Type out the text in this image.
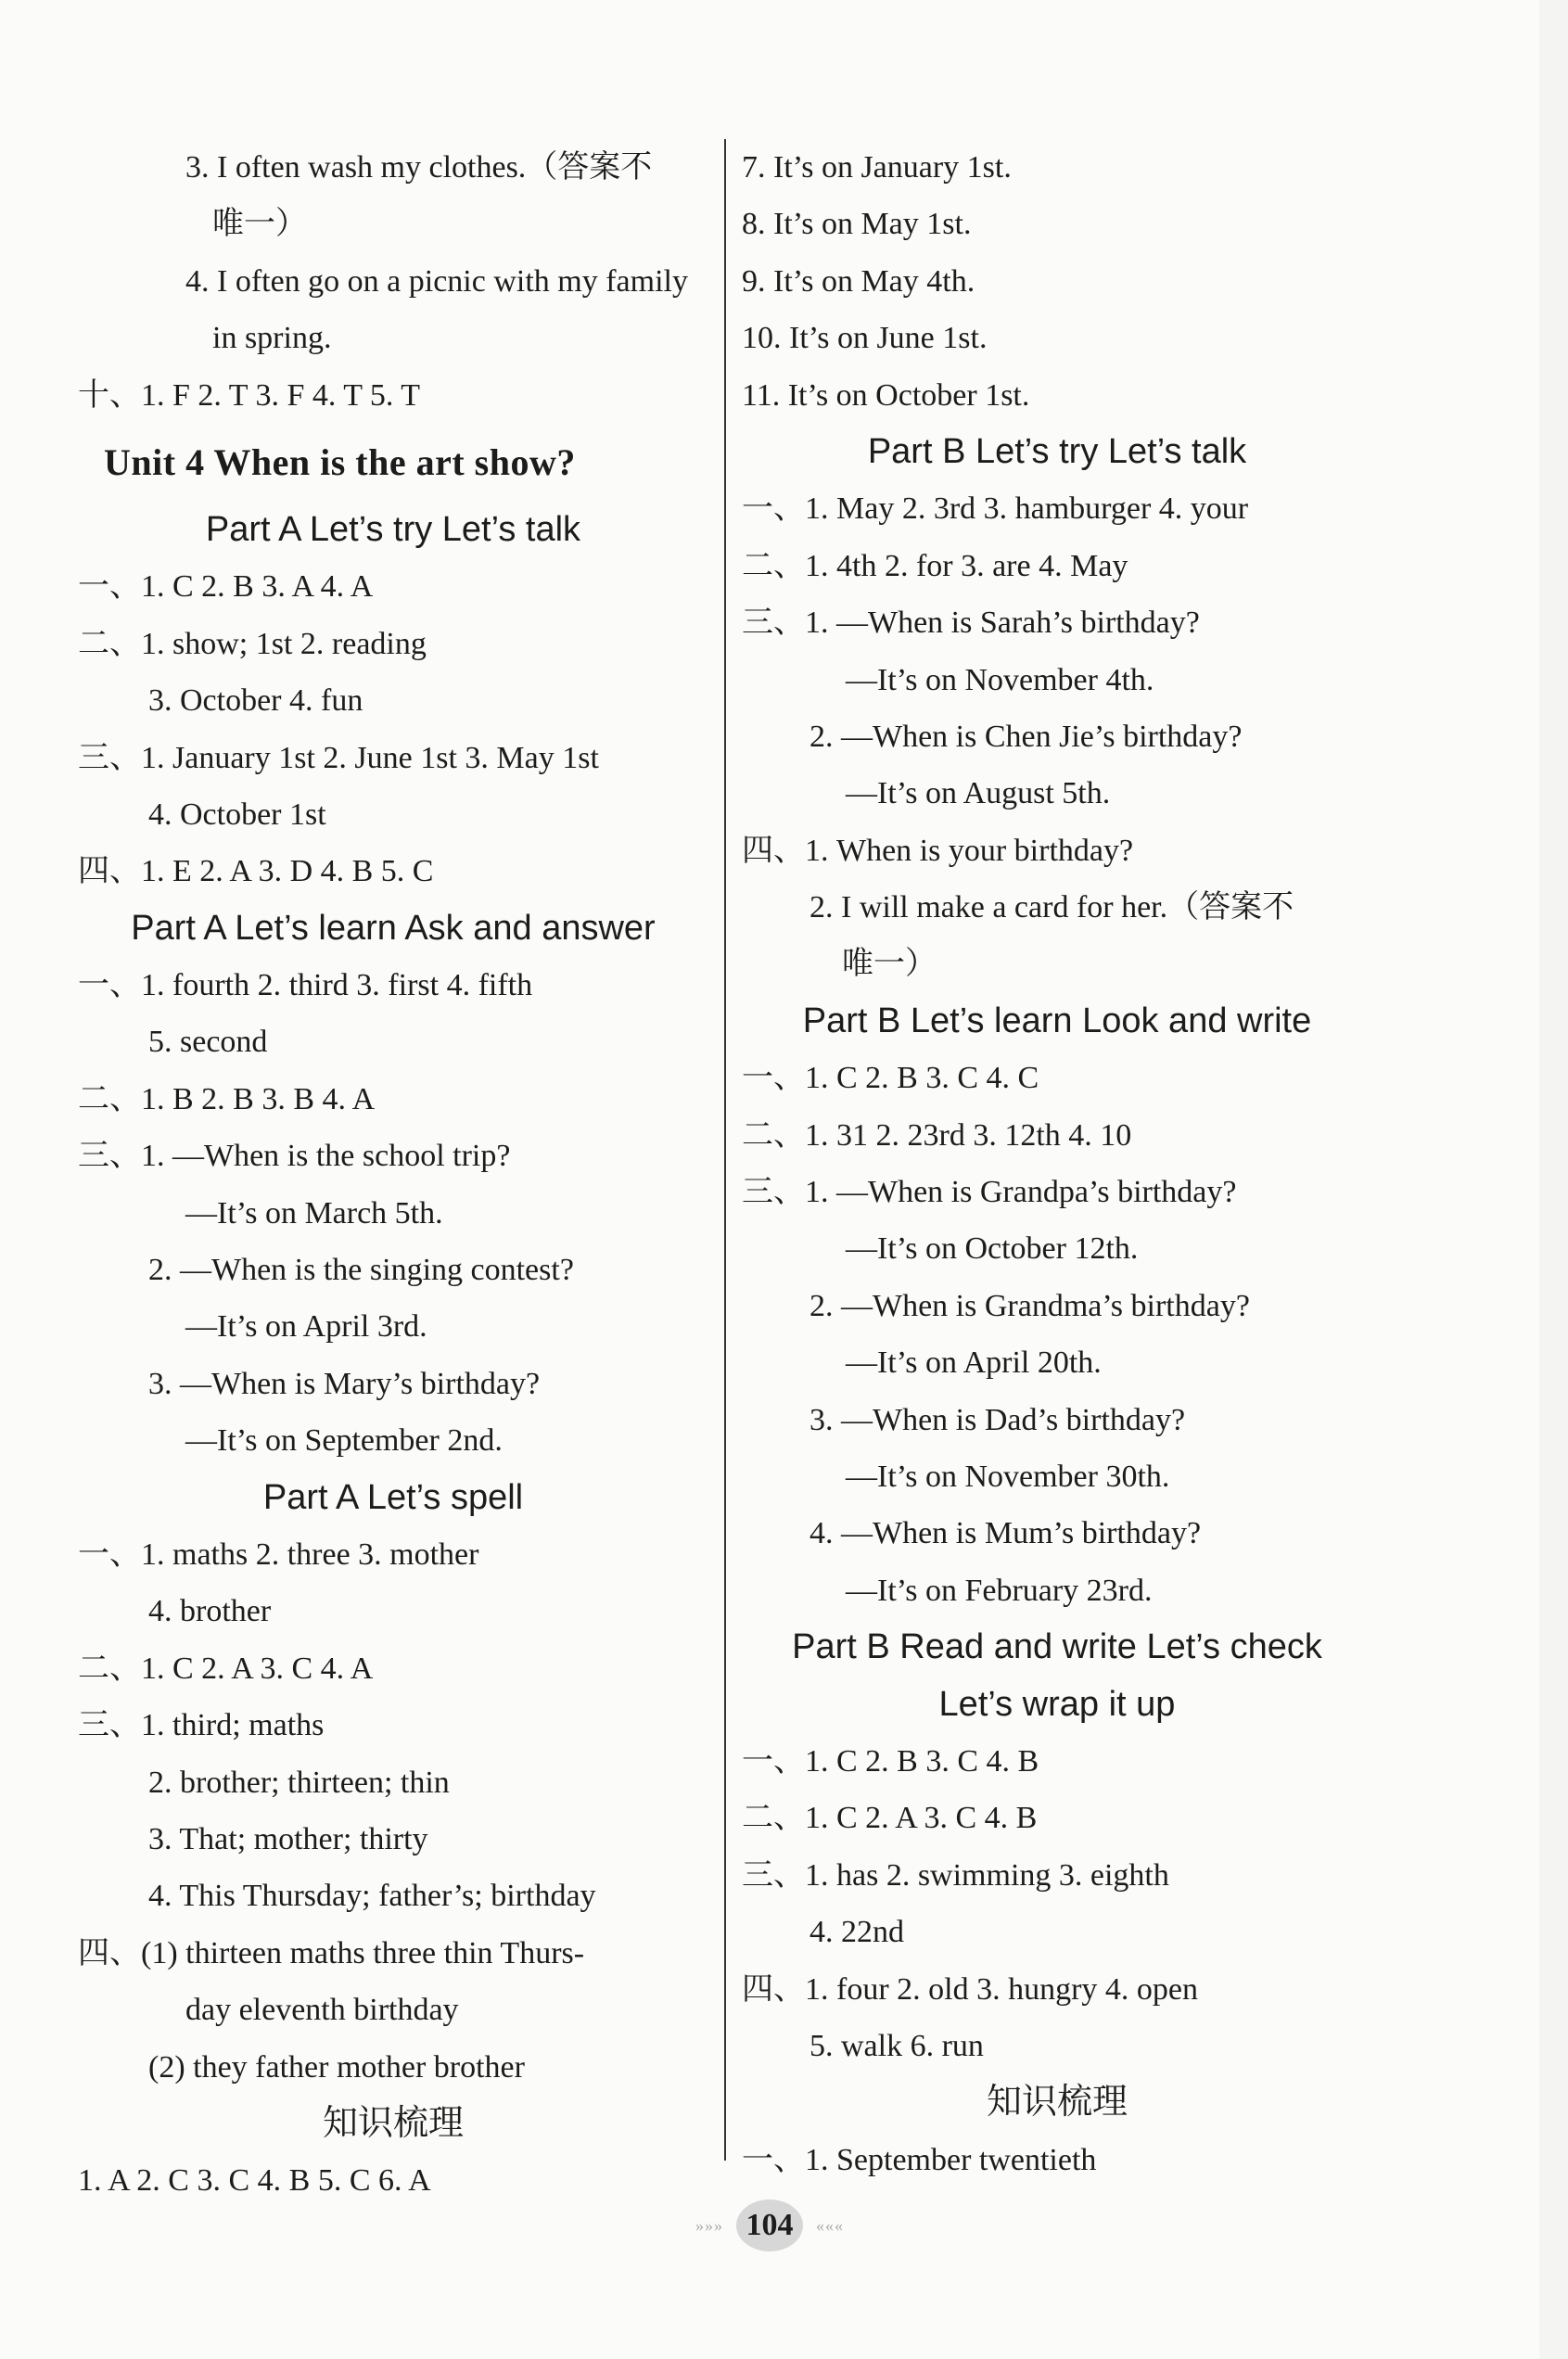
3. I often wash my clothes.（答案不
唯一）
4. I often go on a picnic with my family
in spring.
十、1. F 2. T 3. F 4. T 5. T
Unit 4 When is the art show?
Part A Let’s try Let’s talk
一、1. C 2. B 3. A 4. A
二、1. show; 1st 2. reading
3. October 4. fun
三、1. January 1st 2. June 1st 3. May 1st
4. October 1st
四、1. E 2. A 3. D 4. B 5. C
Part A Let’s learn Ask and answer
一、1. fourth 2. third 3. first 4. fifth
5. second
二、1. B 2. B 3. B 4. A
三、1. —When is the school trip?
—It’s on March 5th.
2. —When is the singing contest?
—It’s on April 3rd.
3. —When is Mary’s birthday?
—It’s on September 2nd.
Part A Let’s spell
一、1. maths 2. three 3. mother
4. brother
二、1. C 2. A 3. C 4. A
三、1. third; maths
2. brother; thirteen; thin
3. That; mother; thirty
4. This Thursday; father’s; birthday
四、(1) thirteen maths three thin Thurs-
day eleventh birthday
(2) they father mother brother
知识梳理
1. A 2. C 3. C 4. B 5. C 6. A
7. It’s on January 1st.
8. It’s on May 1st.
9. It’s on May 4th.
10. It’s on June 1st.
11. It’s on October 1st.
Part B Let’s try Let’s talk
一、1. May 2. 3rd 3. hamburger 4. your
二、1. 4th 2. for 3. are 4. May
三、1. —When is Sarah’s birthday?
—It’s on November 4th.
2. —When is Chen Jie’s birthday?
—It’s on August 5th.
四、1. When is your birthday?
2. I will make a card for her.（答案不
唯一）
Part B Let’s learn Look and write
一、1. C 2. B 3. C 4. C
二、1. 31 2. 23rd 3. 12th 4. 10
三、1. —When is Grandpa’s birthday?
—It’s on October 12th.
2. —When is Grandma’s birthday?
—It’s on April 20th.
3. —When is Dad’s birthday?
—It’s on November 30th.
4. —When is Mum’s birthday?
—It’s on February 23rd.
Part B Read and write Let’s check
Let’s wrap it up
一、1. C 2. B 3. C 4. B
二、1. C 2. A 3. C 4. B
三、1. has 2. swimming 3. eighth
4. 22nd
四、1. four 2. old 3. hungry 4. open
5. walk 6. run
知识梳理
一、1. September twentieth
»»» 104 «««
